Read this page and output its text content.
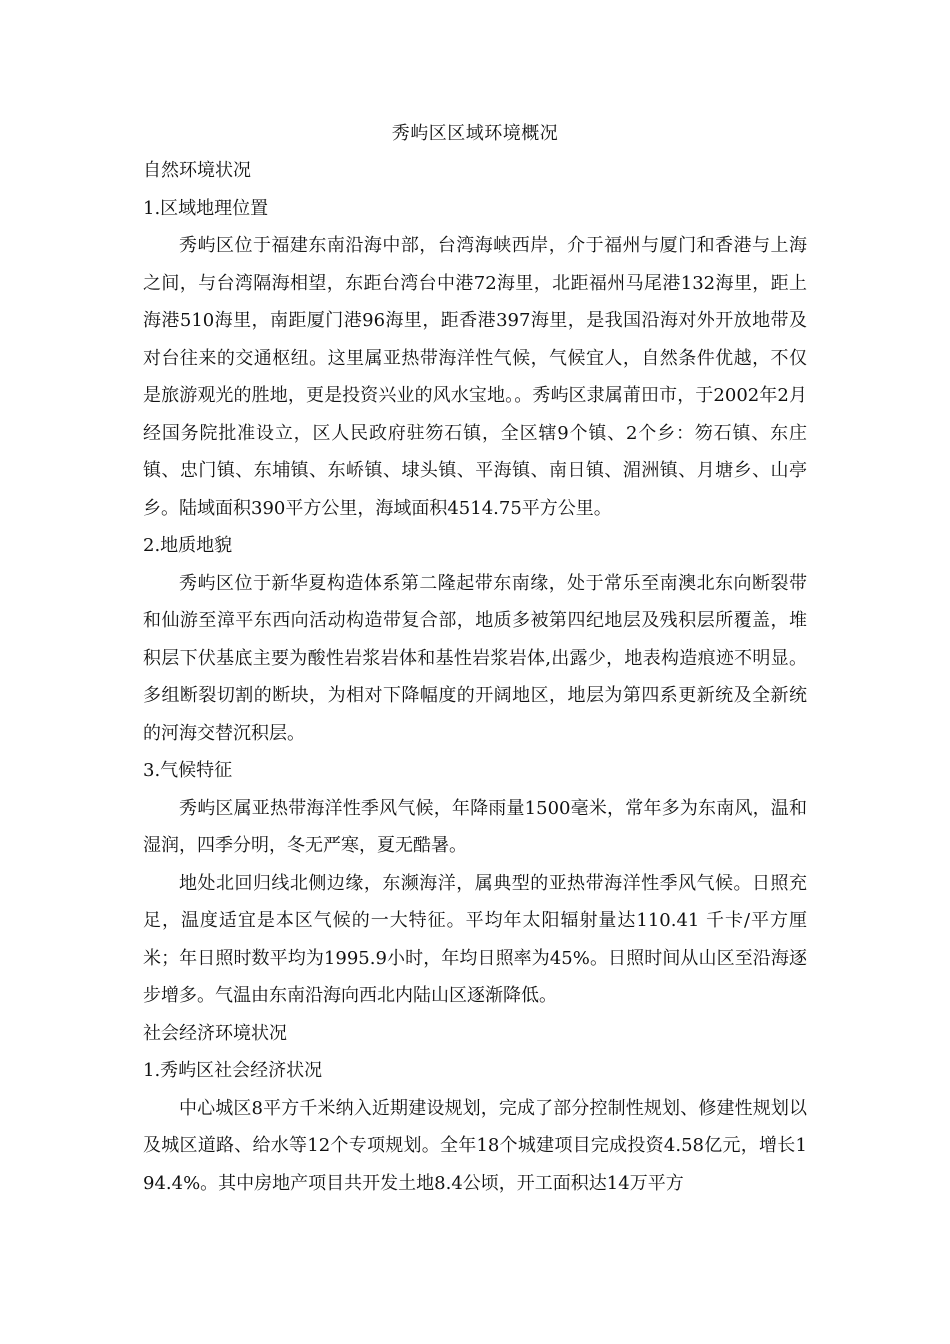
秀屿区区域环境概况

自然环境状况

1.区域地理位置

秀屿区位于福建东南沿海中部，台湾海峡西岸，介于福州与厦门和香港与上海之间，与台湾隔海相望，东距台湾台中港72海里，北距福州马尾港132海里，距上海港510海里，南距厦门港96海里，距香港397海里，是我国沿海对外开放地带及对台往来的交通枢纽。这里属亚热带海洋性气候，气候宜人，自然条件优越，不仅是旅游观光的胜地，更是投资兴业的风水宝地。。秀屿区隶属莆田市，于2002年2月经国务院批准设立，区人民政府驻笏石镇，全区辖9个镇、2个乡：笏石镇、东庄镇、忠门镇、东埔镇、东峤镇、埭头镇、平海镇、南日镇、湄洲镇、月塘乡、山亭乡。陆域面积390平方公里，海域面积4514.75平方公里。

2.地质地貌

秀屿区位于新华夏构造体系第二隆起带东南缘，处于常乐至南澳北东向断裂带和仙游至漳平东西向活动构造带复合部，地质多被第四纪地层及残积层所覆盖，堆积层下伏基底主要为酸性岩浆岩体和基性岩浆岩体,出露少，地表构造痕迹不明显。多组断裂切割的断块，为相对下降幅度的开阔地区，地层为第四系更新统及全新统的河海交替沉积层。

3.气候特征

秀屿区属亚热带海洋性季风气候，年降雨量1500毫米，常年多为东南风，温和湿润，四季分明，冬无严寒，夏无酷暑。

地处北回归线北侧边缘，东濒海洋，属典型的亚热带海洋性季风气候。日照充足，温度适宜是本区气候的一大特征。平均年太阳辐射量达110.41 千卡/平方厘米；年日照时数平均为1995.9小时，年均日照率为45%。日照时间从山区至沿海逐步增多。气温由东南沿海向西北内陆山区逐渐降低。

社会经济环境状况

1.秀屿区社会经济状况

中心城区8平方千米纳入近期建设规划，完成了部分控制性规划、修建性规划以及城区道路、给水等12个专项规划。全年18个城建项目完成投资4.58亿元，增长194.4%。其中房地产项目共开发土地8.4公顷，开工面积达14万平方
